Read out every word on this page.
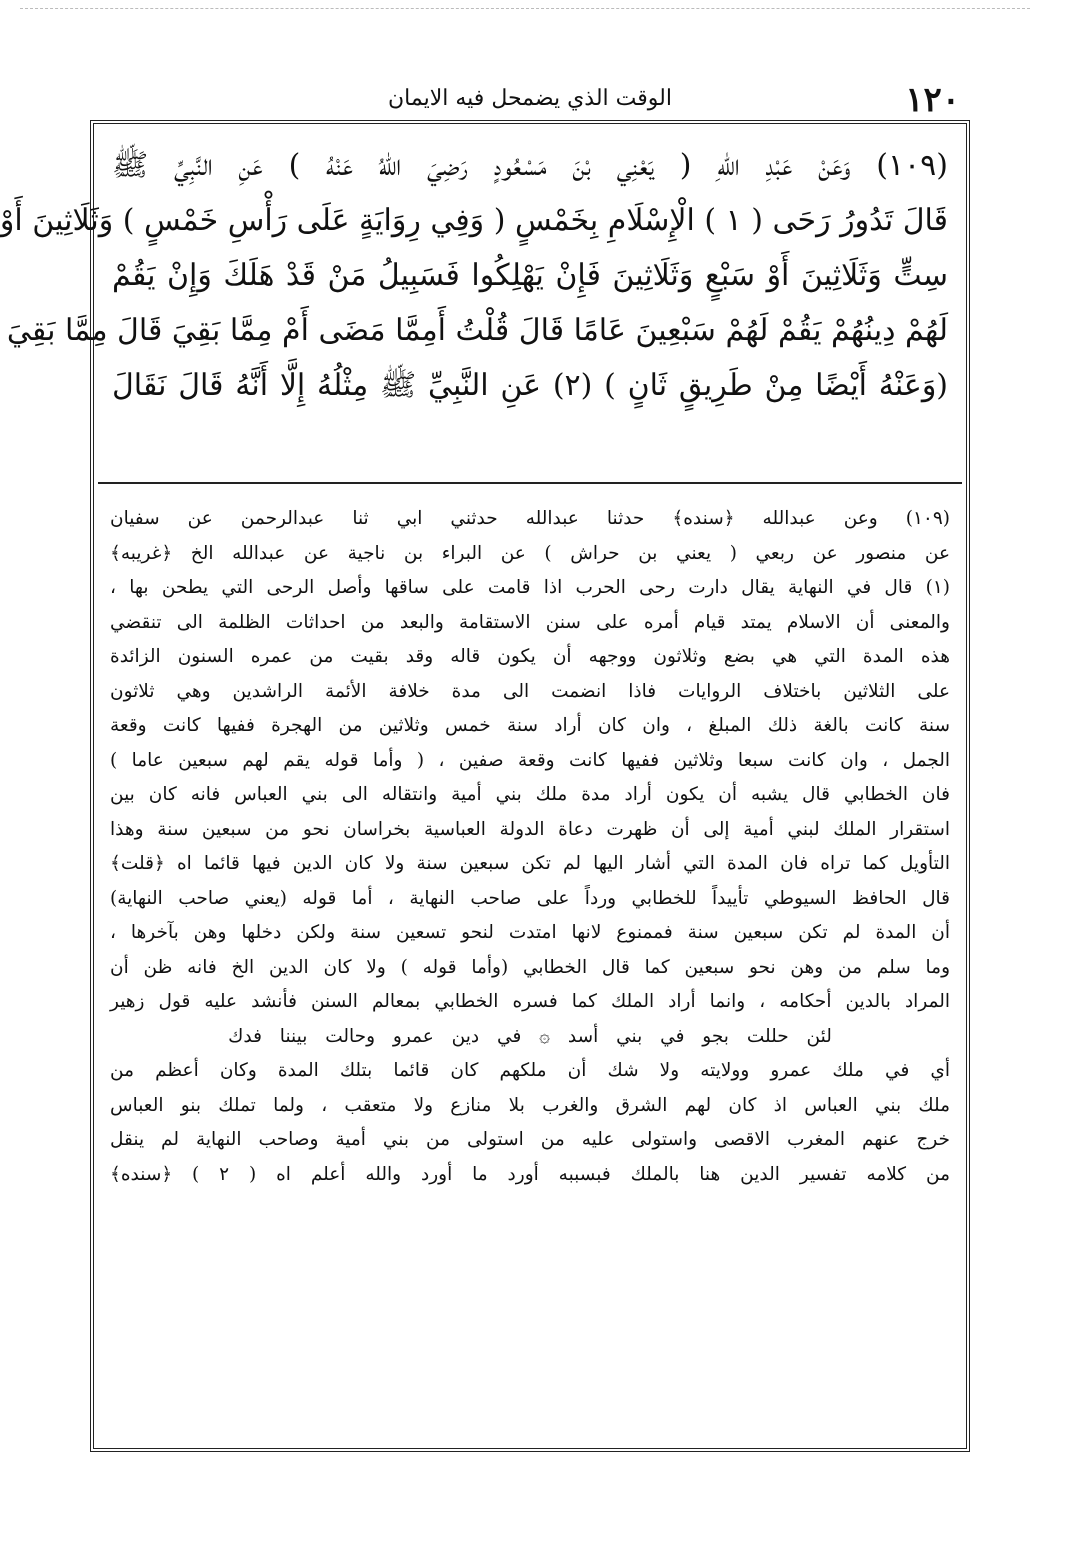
١٢٠
الوقت الذي يضمحل فيه الايمان

(١٠٩) وَعَنْ عَبْدِ اللهِ ( يَعْنِي بْنَ مَسْعُودٍ رَضِيَ اللهُ عَنْهُ ) عَنِ النَّبِيِّ ﷺ

قَالَ تَدُورُ رَحَى ( ١ ) الْإِسْلَامِ بِخَمْسٍ ( وَفِي رِوَايَةٍ عَلَى رَأْسِ خَمْسٍ ) وَثَلَاثِينَ أَوْ

سِتٍّ وَثَلَاثِينَ أَوْ سَبْعٍ وَثَلَاثِينَ فَإِنْ يَهْلِكُوا فَسَبِيلُ مَنْ قَدْ هَلَكَ وَإِنْ يَقُمْ

لَهُمْ دِينُهُمْ يَقُمْ لَهُمْ سَبْعِينَ عَامًا قَالَ قُلْتُ أَمِمَّا مَضَى أَمْ مِمَّا بَقِيَ قَالَ مِمَّا بَقِيَ

(وَعَنْهُ أَيْضًا مِنْ طَرِيقٍ ثَانٍ ) (٢) عَنِ النَّبِيِّ ﷺ مِثْلُهُ إِلَّا أَنَّهُ قَالَ نَقَالَ

(١٠٩) وعن عبدالله ﴿سنده﴾ حدثنا عبدالله حدثني ابي ثنا عبدالرحمن عن سفيان

عن منصور عن ربعي ( يعني بن حراش ) عن البراء بن ناجية عن عبدالله الخ ﴿غريبه﴾

(١) قال في النهاية يقال دارت رحى الحرب اذا قامت على ساقها وأصل الرحى التي يطحن بها ،

والمعنى أن الاسلام يمتد قيام أمره على سنن الاستقامة والبعد من احداثات الظلمة الى تنقضي

هذه المدة التي هي بضع وثلاثون ووجهه أن يكون قاله وقد بقيت من عمره السنون الزائدة

على الثلاثين باختلاف الروايات فاذا انضمت الى مدة خلافة الأئمة الراشدين وهي ثلاثون

سنة كانت بالغة ذلك المبلغ ، وان كان أراد سنة خمس وثلاثين من الهجرة ففيها كانت وقعة

الجمل ، وان كانت سبعا وثلاثين ففيها كانت وقعة صفين ، ( وأما قوله يقم لهم سبعين عاما )

فان الخطابي قال يشبه أن يكون أراد مدة ملك بني أمية وانتقاله الى بني العباس فانه كان بين

استقرار الملك لبني أمية إلى أن ظهرت دعاة الدولة العباسية بخراسان نحو من سبعين سنة وهذا

التأويل كما تراه فان المدة التي أشار اليها لم تكن سبعين سنة ولا كان الدين فيها قائما اه ﴿قلت﴾

قال الحافظ السيوطي تأييداً للخطابي ورداً على صاحب النهاية ، أما قوله (يعني صاحب النهاية)

أن المدة لم تكن سبعين سنة فممنوع لانها امتدت لنحو تسعين سنة ولكن دخلها وهن بآخرها ،

وما سلم من وهن نحو سبعين كما قال الخطابي (وأما قوله ) ولا كان الدين الخ فانه ظن أن

المراد بالدين أحكامه ، وانما أراد الملك كما فسره الخطابي بمعالم السنن فأنشد عليه قول زهير

لئن حللت بجو في بني أسد ۞ في دين عمرو وحالت بيننا فدك

أي في ملك عمرو وولايته ولا شك أن ملكهم كان قائما بتلك المدة وكان أعظم من

ملك بني العباس اذ كان لهم الشرق والغرب بلا منازع ولا متعقب ، ولما تملك بنو العباس

خرج عنهم المغرب الاقصى واستولى عليه من استولى من بني أمية وصاحب النهاية لم ينقل

من كلامه تفسير الدين هنا بالملك فبسببه أورد ما أورد والله أعلم اه ( ٢ ) ﴿سنده﴾
